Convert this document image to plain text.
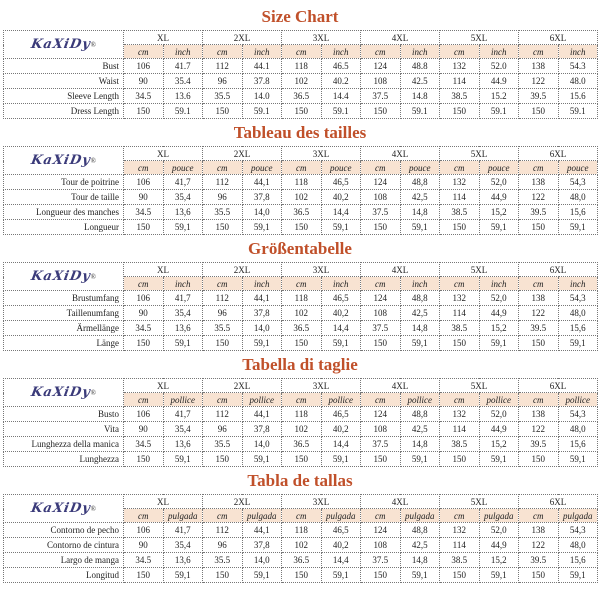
Size Chart
KaXiDy®	XL		2XL		3XL		4XL		5XL		6XL	
	cm	inch	cm	inch	cm	inch	cm	inch	cm	inch	cm	inch
Bust	106	41.7	112	44.1	118	46.5	124	48.8	132	52.0	138	54.3
Waist	90	35.4	96	37.8	102	40.2	108	42.5	114	44.9	122	48.0
Sleeve Length	34.5	13.6	35.5	14.0	36.5	14.4	37.5	14.8	38.5	15.2	39.5	15.6
Dress Length	150	59.1	150	59.1	150	59.1	150	59.1	150	59.1	150	59.1
Tableau des tailles
KaXiDy®	XL		2XL		3XL		4XL		5XL		6XL	
	cm	pouce	cm	pouce	cm	pouce	cm	pouce	cm	pouce	cm	pouce
Tour de poitrine	106	41,7	112	44,1	118	46,5	124	48,8	132	52,0	138	54,3
Tour de taille	90	35,4	96	37,8	102	40,2	108	42,5	114	44,9	122	48,0
Longueur des manches	34.5	13,6	35.5	14,0	36.5	14,4	37.5	14,8	38.5	15,2	39.5	15,6
Longueur	150	59,1	150	59,1	150	59,1	150	59,1	150	59,1	150	59,1
Größentabelle
KaXiDy®	XL		2XL		3XL		4XL		5XL		6XL	
	cm	inch	cm	inch	cm	inch	cm	inch	cm	inch	cm	inch
Brustumfang	106	41,7	112	44,1	118	46,5	124	48,8	132	52,0	138	54,3
Taillenumfang	90	35,4	96	37,8	102	40,2	108	42,5	114	44,9	122	48,0
Ärmellänge	34.5	13,6	35.5	14,0	36.5	14,4	37.5	14,8	38.5	15,2	39.5	15,6
Länge	150	59,1	150	59,1	150	59,1	150	59,1	150	59,1	150	59,1
Tabella di taglie
KaXiDy®	XL		2XL		3XL		4XL		5XL		6XL	
	cm	pollice	cm	pollice	cm	pollice	cm	pollice	cm	pollice	cm	pollice
Busto	106	41,7	112	44,1	118	46,5	124	48,8	132	52,0	138	54,3
Vita	90	35,4	96	37,8	102	40,2	108	42,5	114	44,9	122	48,0
Lunghezza della manica	34.5	13,6	35.5	14,0	36.5	14,4	37.5	14,8	38.5	15,2	39.5	15,6
Lunghezza	150	59,1	150	59,1	150	59,1	150	59,1	150	59,1	150	59,1
Tabla de tallas
KaXiDy®	XL		2XL		3XL		4XL		5XL		6XL	
	cm	pulgada	cm	pulgada	cm	pulgada	cm	pulgada	cm	pulgada	cm	pulgada
Contorno de pecho	106	41,7	112	44,1	118	46,5	124	48,8	132	52,0	138	54,3
Contorno de cintura	90	35,4	96	37,8	102	40,2	108	42,5	114	44,9	122	48,0
Largo de manga	34.5	13,6	35.5	14,0	36.5	14,4	37.5	14,8	38.5	15,2	39.5	15,6
Longitud	150	59,1	150	59,1	150	59,1	150	59,1	150	59,1	150	59,1
